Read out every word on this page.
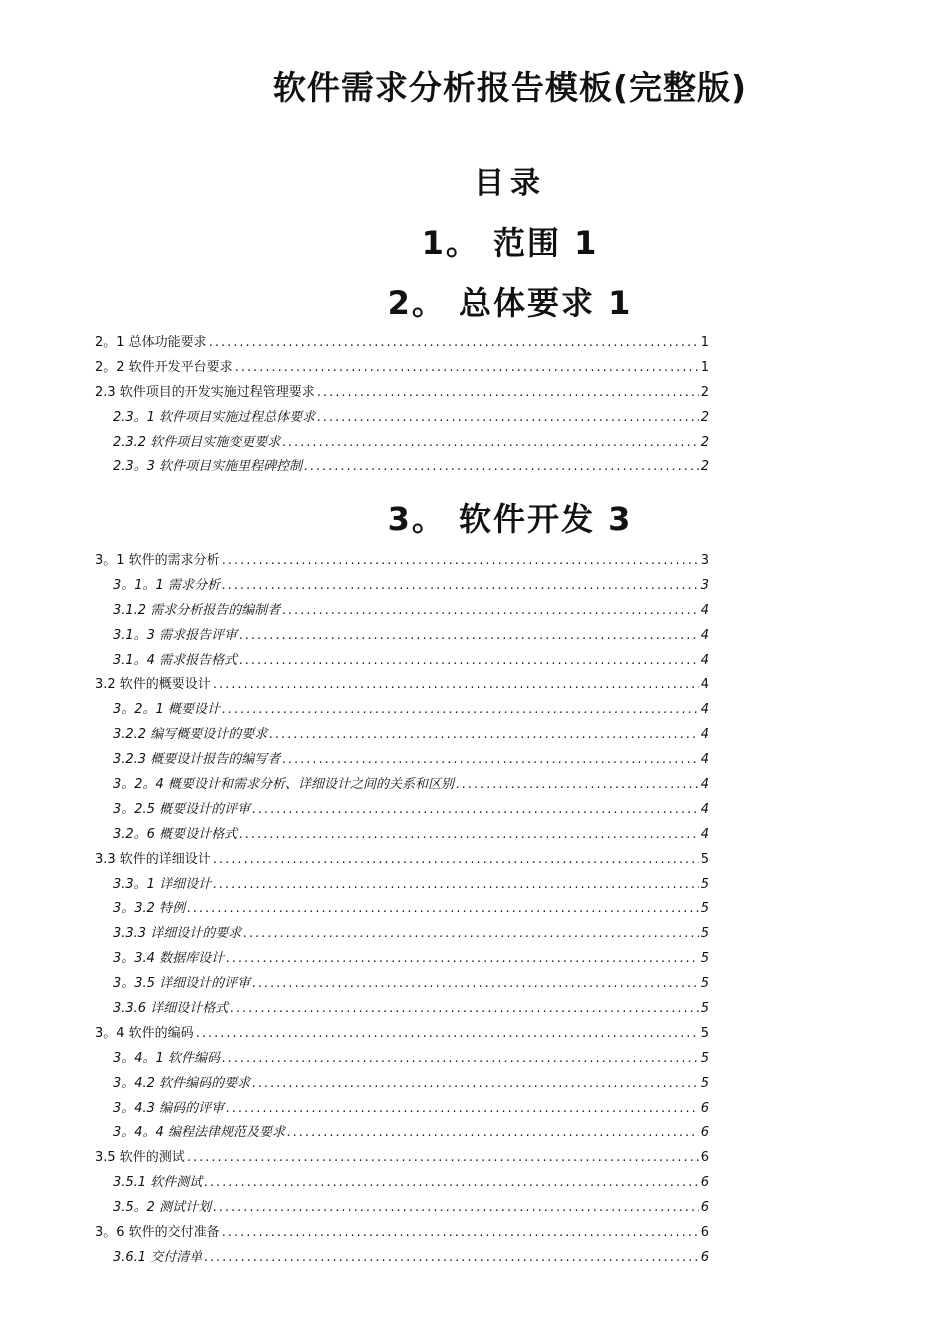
软件需求分析报告模板(完整版)
目录
1。 范围 1
2。 总体要求 1
2。1 总体功能要求 .....	1
2。2 软件开发平台要求 .....	1
2.3 软件项目的开发实施过程管理要求 .....	2
2.3。1 软件项目实施过程总体要求 .....	2
2.3.2 软件项目实施变更要求 .....	2
2.3。3 软件项目实施里程碑控制 .....	2
3。 软件开发 3
3。1 软件的需求分析 .....	3
3。1。1 需求分析 .....	3
3.1.2 需求分析报告的编制者 .....	4
3.1。3 需求报告评审 .....	4
3.1。4 需求报告格式 .....	4
3.2 软件的概要设计 .....	4
3。2。1 概要设计 .....	4
3.2.2 编写概要设计的要求 .....	4
3.2.3 概要设计报告的编写者 .....	4
3。2。4 概要设计和需求分析、详细设计之间的关系和区别 .....	4
3。2.5 概要设计的评审 .....	4
3.2。6 概要设计格式 .....	4
3.3 软件的详细设计 .....	5
3.3。1 详细设计 .....	5
3。3.2 特例 .....	5
3.3.3 详细设计的要求 .....	5
3。3.4 数据库设计 .....	5
3。3.5 详细设计的评审 .....	5
3.3.6 详细设计格式 .....	5
3。4 软件的编码 .....	5
3。4。1 软件编码 .....	5
3。4.2 软件编码的要求 .....	5
3。4.3 编码的评审 .....	6
3。4。4 编程法律规范及要求 .....	6
3.5 软件的测试 .....	6
3.5.1 软件测试 .....	6
3.5。2 测试计划 .....	6
3。6 软件的交付准备 .....	6
3.6.1 交付清单 .....	6
